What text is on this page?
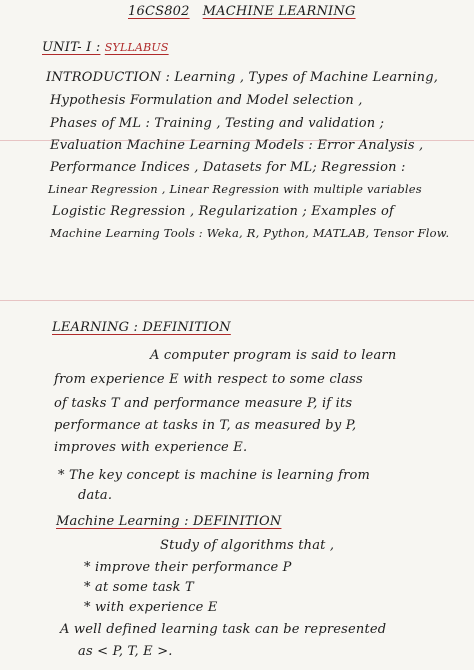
16CS802 MACHINE LEARNING
UNIT- I : SYLLABUS
INTRODUCTION : Learning , Types of Machine Learning,
Hypothesis Formulation and Model selection ,
Phases of ML : Training , Testing and validation ;
Evaluation Machine Learning Models : Error Analysis ,
Performance Indices , Datasets for ML; Regression :
Linear Regression , Linear Regression with multiple variables
Logistic Regression , Regularization ; Examples of
Machine Learning Tools : Weka, R, Python, MATLAB, Tensor Flow.
LEARNING : DEFINITION
A computer program is said to learn
from experience E with respect to some class
of tasks T and performance measure P, if its
performance at tasks in T, as measured by P,
improves with experience E.
* The key concept is machine is learning from
data.
Machine Learning : DEFINITION
Study of algorithms that ,
* improve their performance P
* at some task T
* with experience E
A well defined learning task can be represented
as < P, T, E >.
